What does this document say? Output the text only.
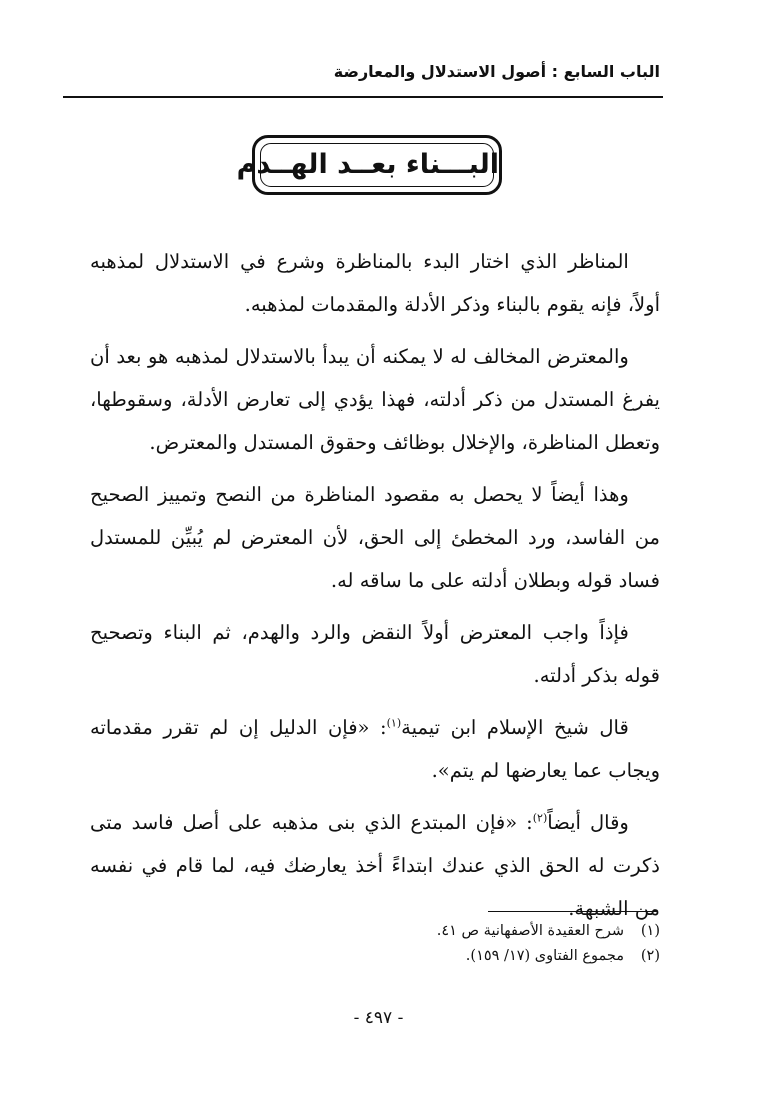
الباب السابع : أصول الاستدلال والمعارضة
البـــناء بعــد الهــدم

المناظر الذي اختار البدء بالمناظرة وشرع في الاستدلال لمذهبه أولاً، فإنه يقوم بالبناء وذكر الأدلة والمقدمات لمذهبه.

والمعترض المخالف له لا يمكنه أن يبدأ بالاستدلال لمذهبه هو بعد أن يفرغ المستدل من ذكر أدلته، فهذا يؤدي إلى تعارض الأدلة، وسقوطها، وتعطل المناظرة، والإخلال بوظائف وحقوق المستدل والمعترض.

وهذا أيضاً لا يحصل به مقصود المناظرة من النصح وتمييز الصحيح من الفاسد، ورد المخطئ إلى الحق، لأن المعترض لم يُبيِّن للمستدل فساد قوله وبطلان أدلته على ما ساقه له.

فإذاً واجب المعترض أولاً النقض والرد والهدم، ثم البناء وتصحيح قوله بذكر أدلته.

قال شيخ الإسلام ابن تيمية$^{(١)}$: «فإن الدليل إن لم تقرر مقدماته ويجاب عما يعارضها لم يتم».

وقال أيضاً$^{(٢)}$: «فإن المبتدع الذي بنى مذهبه على أصل فاسد متى ذكرت له الحق الذي عندك ابتداءً أخذ يعارضك فيه، لما قام في نفسه من الشبهة.

(١)
شرح العقيدة الأصفهانية ص ٤١.
(٢)
مجموع الفتاوى (١٧/ ١٥٩).
- ٤٩٧ -
